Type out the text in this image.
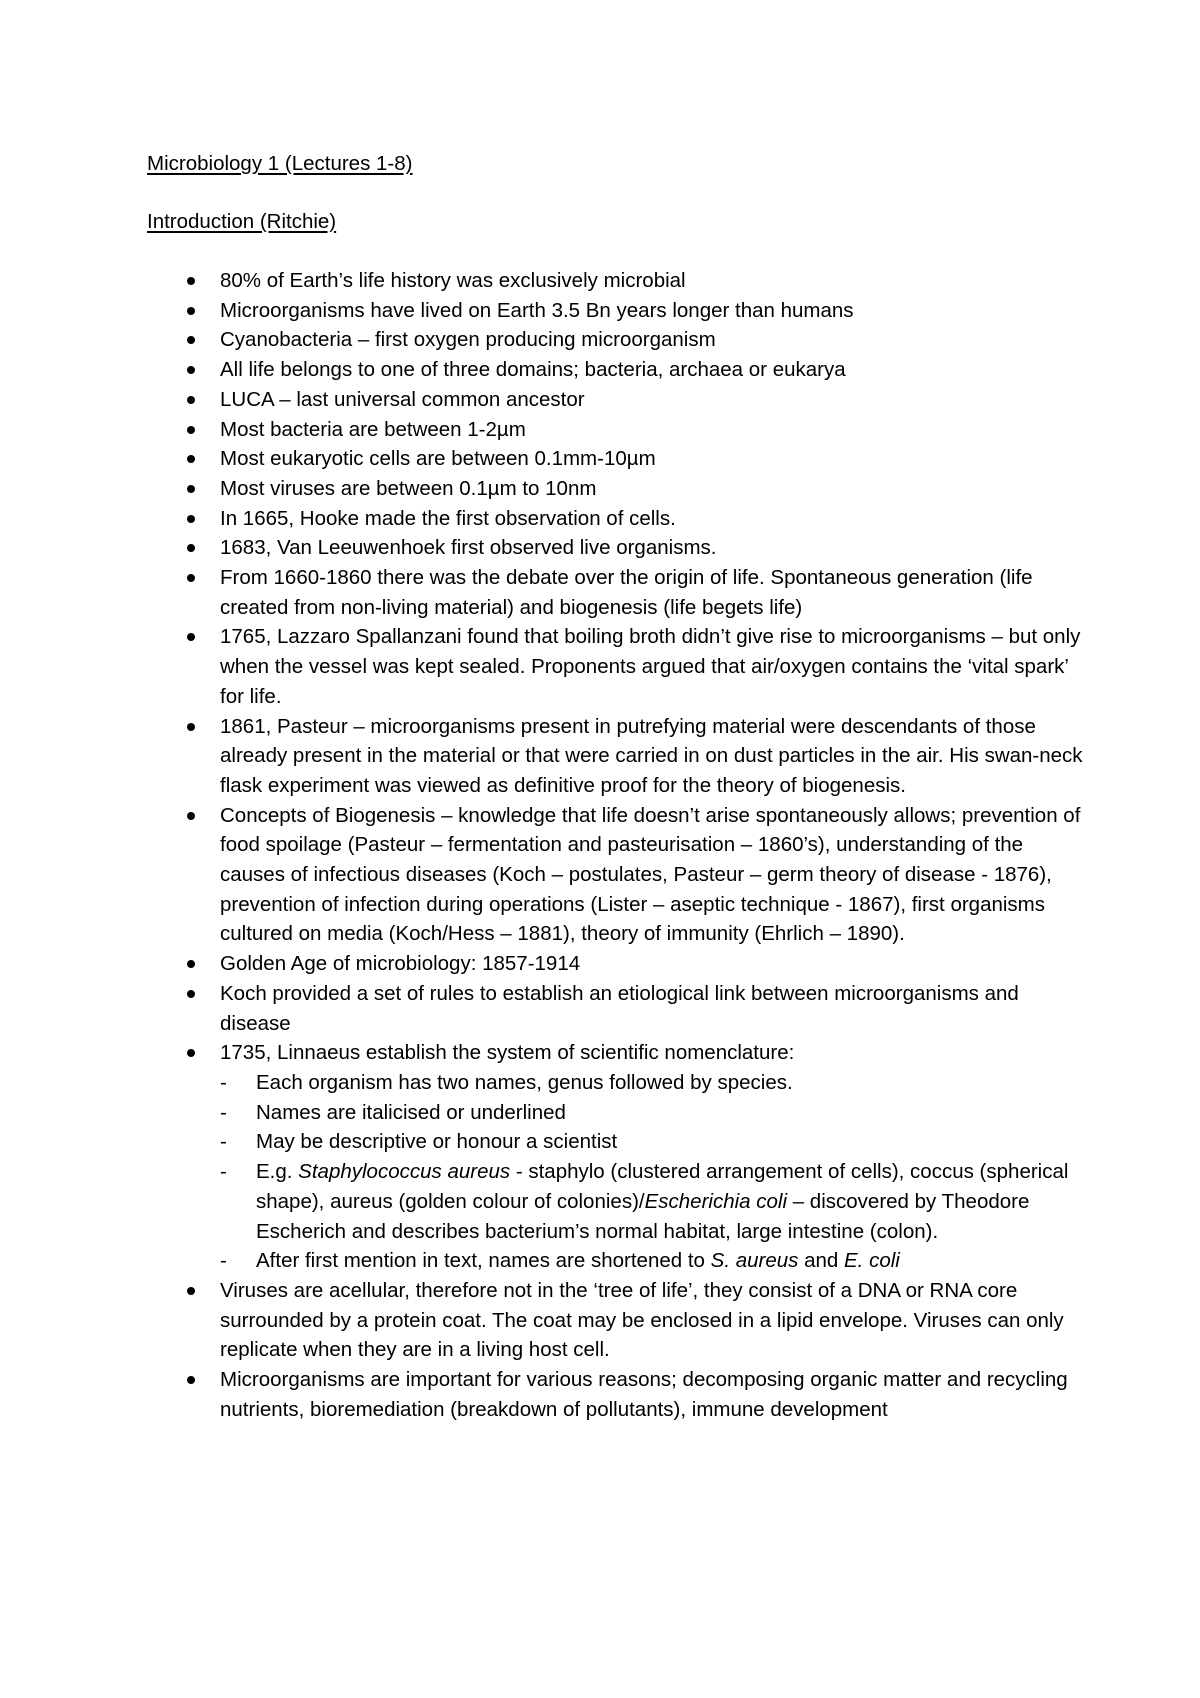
Microbiology 1 (Lectures 1-8)
Introduction (Ritchie)
80% of Earth’s life history was exclusively microbial
Microorganisms have lived on Earth 3.5 Bn years longer than humans
Cyanobacteria – first oxygen producing microorganism
All life belongs to one of three domains; bacteria, archaea or eukarya
LUCA – last universal common ancestor
Most bacteria are between 1-2µm
Most eukaryotic cells are between 0.1mm-10µm
Most viruses are between 0.1µm to 10nm
In 1665, Hooke made the first observation of cells.
1683, Van Leeuwenhoek first observed live organisms.
From 1660-1860 there was the debate over the origin of life. Spontaneous generation (life created from non-living material) and biogenesis (life begets life)
1765, Lazzaro Spallanzani found that boiling broth didn’t give rise to microorganisms – but only when the vessel was kept sealed. Proponents argued that air/oxygen contains the ‘vital spark’ for life.
1861, Pasteur – microorganisms present in putrefying material were descendants of those already present in the material or that were carried in on dust particles in the air. His swan-neck flask experiment was viewed as definitive proof for the theory of biogenesis.
Concepts of Biogenesis – knowledge that life doesn’t arise spontaneously allows; prevention of food spoilage (Pasteur – fermentation and pasteurisation – 1860’s), understanding of the causes of infectious diseases (Koch – postulates, Pasteur – germ theory of disease - 1876), prevention of infection during operations (Lister – aseptic technique - 1867), first organisms cultured on media (Koch/Hess – 1881), theory of immunity (Ehrlich – 1890).
Golden Age of microbiology: 1857-1914
Koch provided a set of rules to establish an etiological link between microorganisms and disease
1735, Linnaeus establish the system of scientific nomenclature:
- Each organism has two names, genus followed by species.
- Names are italicised or underlined
- May be descriptive or honour a scientist
- E.g. Staphylococcus aureus - staphylo (clustered arrangement of cells), coccus (spherical shape), aureus (golden colour of colonies)/Escherichia coli – discovered by Theodore Escherich and describes bacterium’s normal habitat, large intestine (colon).
- After first mention in text, names are shortened to S. aureus and E. coli
Viruses are acellular, therefore not in the ‘tree of life’, they consist of a DNA or RNA core surrounded by a protein coat. The coat may be enclosed in a lipid envelope. Viruses can only replicate when they are in a living host cell.
Microorganisms are important for various reasons; decomposing organic matter and recycling nutrients, bioremediation (breakdown of pollutants), immune development
